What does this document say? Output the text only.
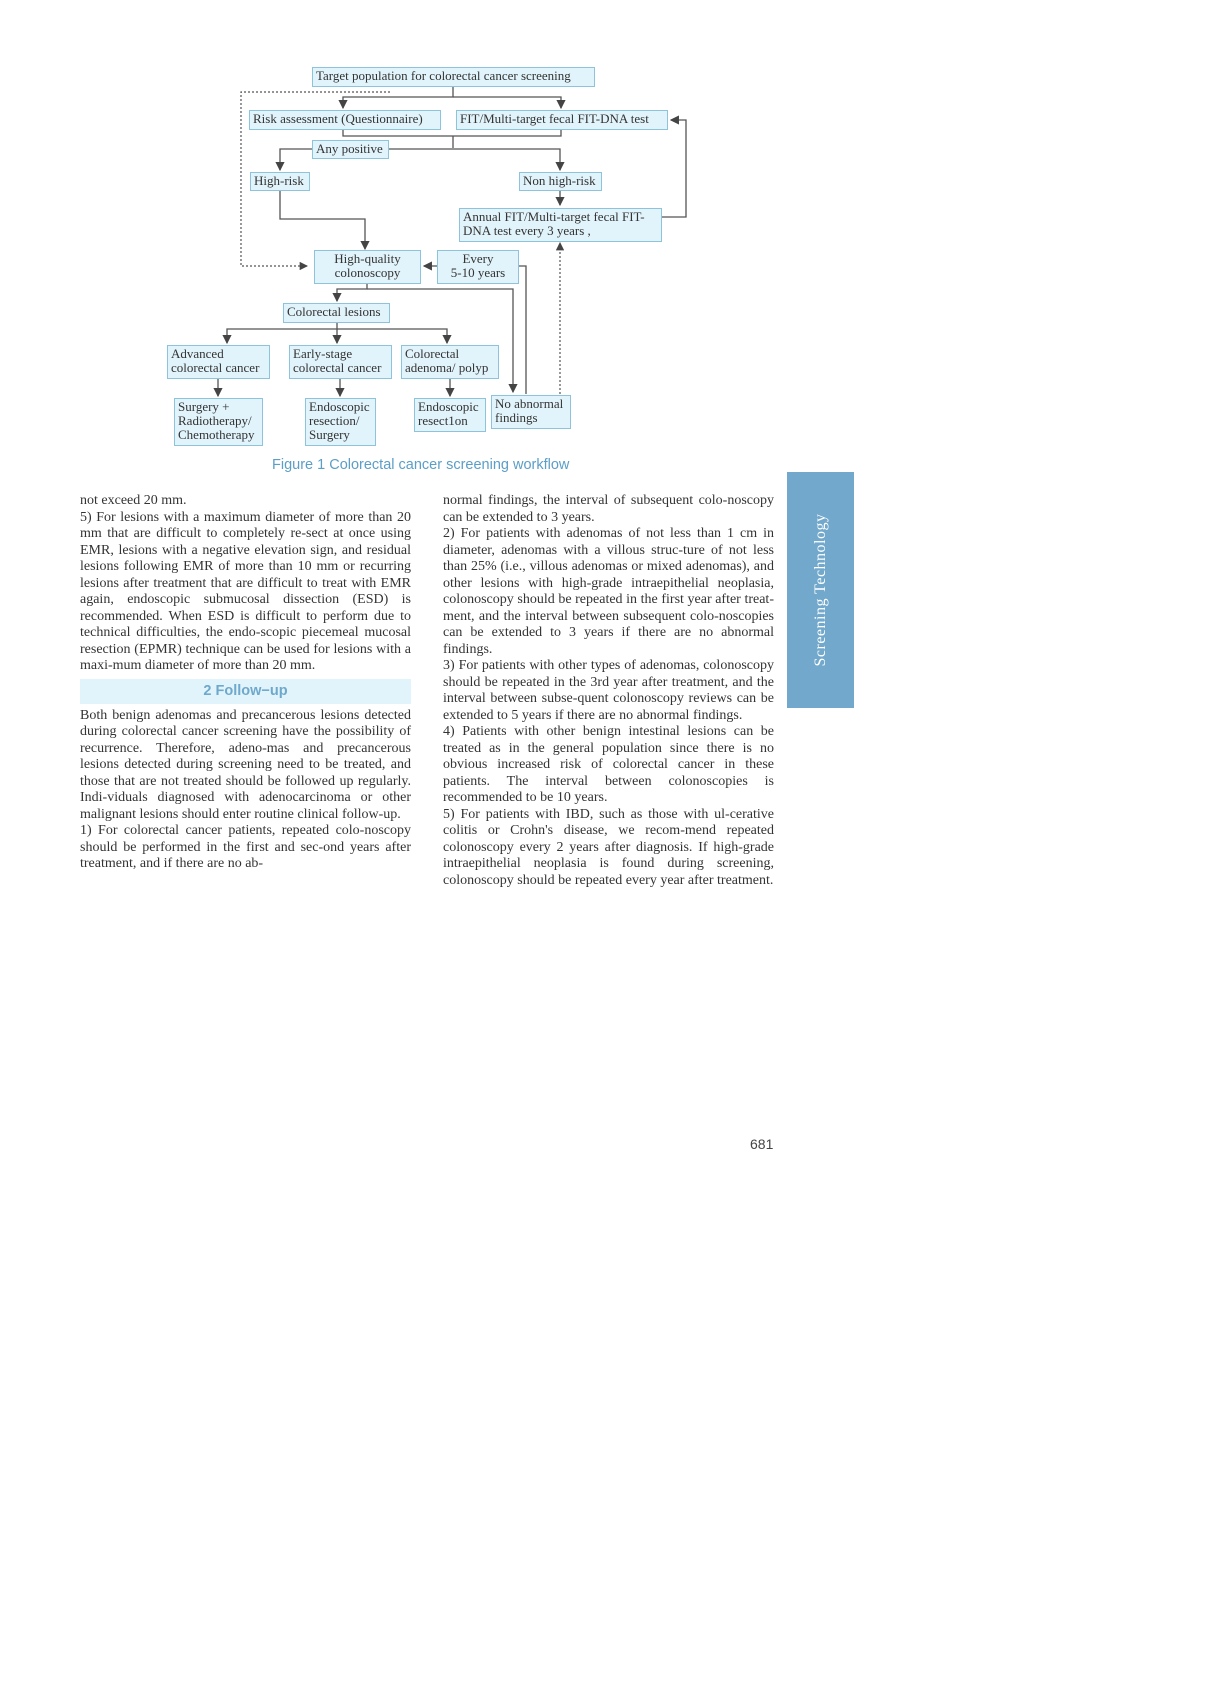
Target population for colorectal cancer screening
Risk assessment (Questionnaire)	FIT/Multi-target fecal FIT-DNA test
Any positive
High-risk	Non high-risk
Annual FIT/Multi-target fecal FIT-
DNA test every 3 years ,
High-quality
colonoscopy
Every
5-10 years
Colorectal lesions
Advanced
colorectal cancer
Early-stage
colorectal cancer
Colorectal
adenoma/ polyp
No abnormal
findings
Surgery +
Radiotherapy/
Chemotherapy
Endoscopic
resection/
Surgery
Endoscopic
resect1on
Figure 1 Colorectal cancer screening workflow

not exceed 20 mm.

5) For lesions with a maximum diameter of more than 20 mm that are difficult to completely re-sect at once using EMR, lesions with a negative elevation sign, and residual lesions following EMR of more than 10 mm or recurring lesions after treatment that are difficult to treat with EMR again, endoscopic submucosal dissection (ESD) is recommended. When ESD is difficult to perform due to technical difficulties, the endo-scopic piecemeal mucosal resection (EPMR) technique can be used for lesions with a maxi-mum diameter of more than 20 mm.

2 Follow−up

Both benign adenomas and precancerous lesions detected during colorectal cancer screening have the possibility of recurrence. Therefore, adeno-mas and precancerous lesions detected during screening need to be treated, and those that are not treated should be followed up regularly. Indi-viduals diagnosed with adenocarcinoma or other malignant lesions should enter routine clinical follow-up.

1) For colorectal cancer patients, repeated colo-noscopy should be performed in the first and sec-ond years after treatment, and if there are no ab-

normal findings, the interval of subsequent colo-noscopy can be extended to 3 years.

2) For patients with adenomas of not less than 1 cm in diameter, adenomas with a villous struc-ture of not less than 25% (i.e., villous adenomas or mixed adenomas), and other lesions with high-grade intraepithelial neoplasia, colonoscopy should be repeated in the first year after treat-ment, and the interval between subsequent colo-noscopies can be extended to 3 years if there are no abnormal findings.

3) For patients with other types of adenomas, colonoscopy should be repeated in the 3rd year after treatment, and the interval between subse-quent colonoscopy reviews can be extended to 5 years if there are no abnormal findings.

4) Patients with other benign intestinal lesions can be treated as in the general population since there is no obvious increased risk of colorectal cancer in these patients. The interval between colonoscopies is recommended to be 10 years.

5) For patients with IBD, such as those with ul-cerative colitis or Crohn's disease, we recom-mend repeated colonoscopy every 2 years after diagnosis. If high-grade intraepithelial neoplasia is found during screening, colonoscopy should be repeated every year after treatment.

Screening Technology
681
